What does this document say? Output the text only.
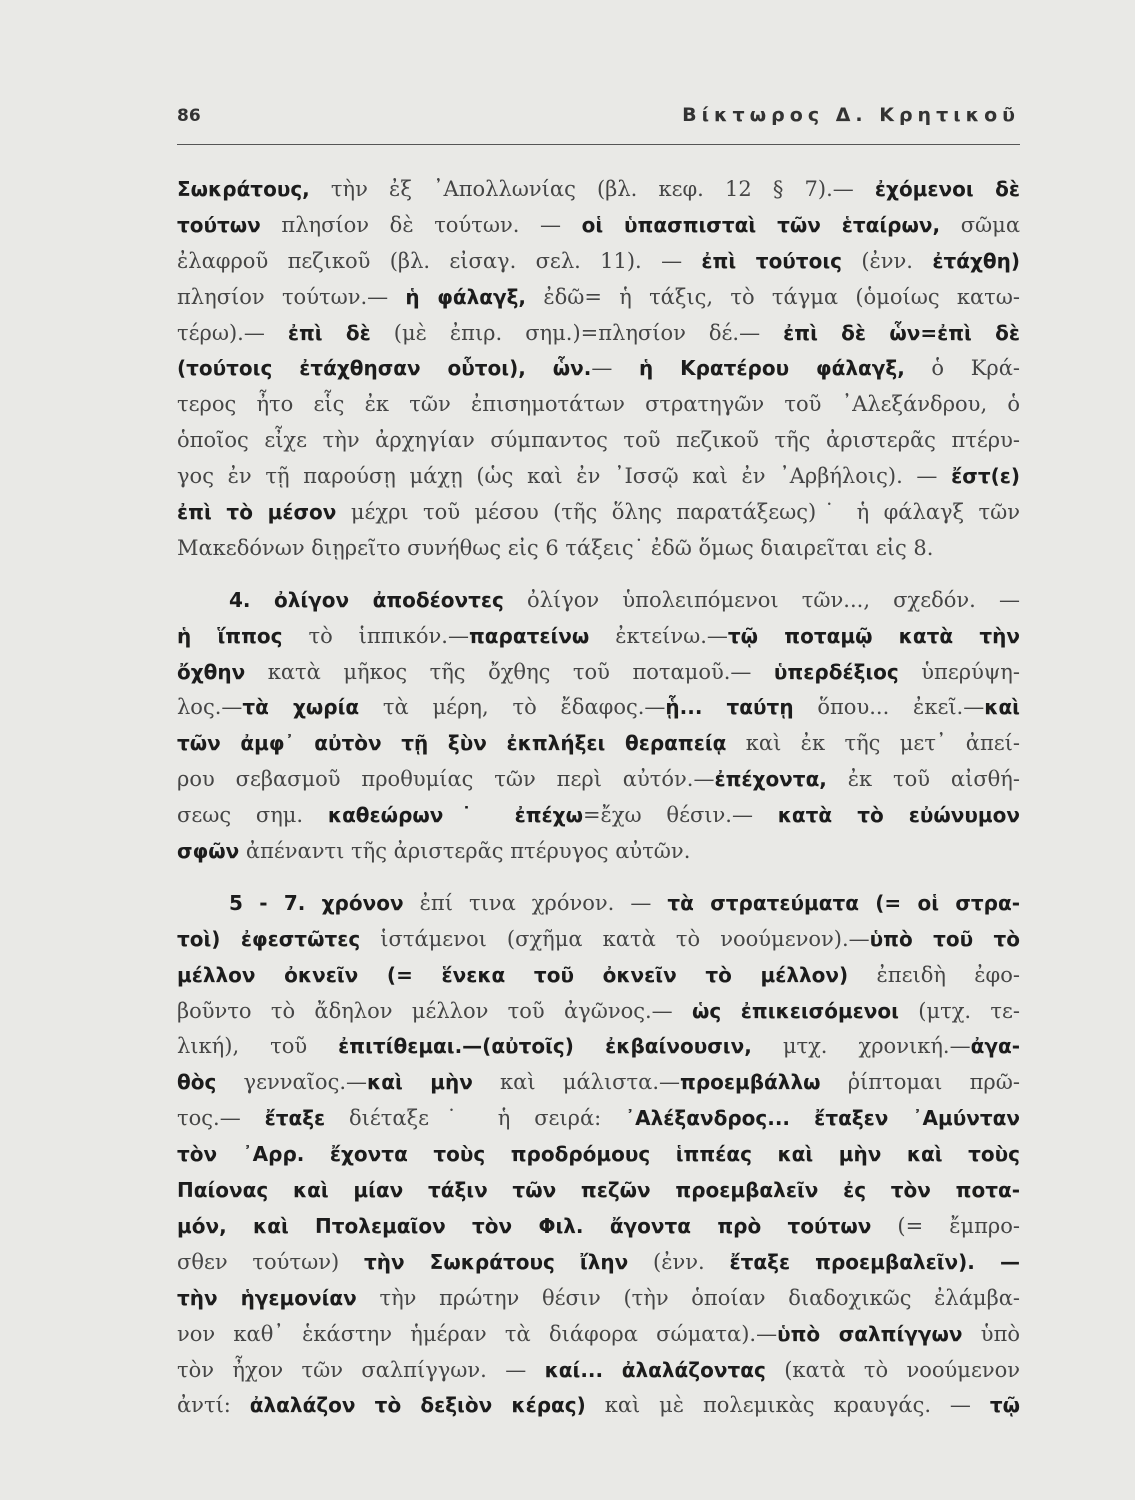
86	Βίκτωρος Δ. Κρητικοῦ
Σωκράτους, τὴν ἐξ ᾿Απολλωνίας (βλ. κεφ. 12 § 7).— ἐχόμενοι δὲ
τούτων πλησίον δὲ τούτων. — οἱ ὑπασπισταὶ τῶν ἑταίρων, σῶμα
ἐλαφροῦ πεζικοῦ (βλ. εἰσαγ. σελ. 11). — ἐπὶ τούτοις (ἐνν. ἐτάχθη)
πλησίον τούτων.— ἡ φάλαγξ, ἐδῶ= ἡ τάξις, τὸ τάγμα (ὁμοίως κατω-
τέρω).— ἐπὶ δὲ (μὲ ἐπιρ. σημ.)=πλησίον δέ.— ἐπὶ δὲ ὧν=ἐπὶ δὲ
(τούτοις ἐτάχθησαν οὗτοι), ὧν.— ἡ Κρατέρου φάλαγξ, ὁ Κρά-
τερος ἦτο εἷς ἐκ τῶν ἐπισημοτάτων στρατηγῶν τοῦ ᾿Αλεξάνδρου, ὁ
ὁποῖος εἶχε τὴν ἀρχηγίαν σύμπαντος τοῦ πεζικοῦ τῆς ἀριστερᾶς πτέρυ-
γος ἐν τῇ παρούσῃ μάχῃ (ὡς καὶ ἐν ᾿Ισσῷ καὶ ἐν ᾿Αρβήλοις). — ἔστ(ε)
ἐπὶ τὸ μέσον μέχρι τοῦ μέσου (τῆς ὅλης παρατάξεως)˙ ἡ φάλαγξ τῶν
Μακεδόνων διῃρεῖτο συνήθως εἰς 6 τάξεις˙ ἐδῶ ὅμως διαιρεῖται εἰς 8.
4. ὀλίγον ἀποδέοντες ὀλίγον ὑπολειπόμενοι τῶν..., σχεδόν. —
ἡ ἵππος τὸ ἱππικόν.—παρατείνω ἐκτείνω.—τῷ ποταμῷ κατὰ τὴν
ὄχθην κατὰ μῆκος τῆς ὄχθης τοῦ ποταμοῦ.— ὑπερδέξιος ὑπερύψη-
λος.—τὰ χωρία τὰ μέρη, τὸ ἔδαφος.—ᾗ... ταύτῃ ὅπου... ἐκεῖ.—καὶ
τῶν ἀμφ᾿ αὐτὸν τῇ ξὺν ἐκπλήξει θεραπείᾳ καὶ ἐκ τῆς μετ᾿ ἀπεί-
ρου σεβασμοῦ προθυμίας τῶν περὶ αὐτόν.—ἐπέχοντα, ἐκ τοῦ αἰσθή-
σεως σημ. καθεώρων˙ ἐπέχω=ἔχω θέσιν.— κατὰ τὸ εὐώνυμον
σφῶν ἀπέναντι τῆς ἀριστερᾶς πτέρυγος αὐτῶν.
5 - 7. χρόνον ἐπί τινα χρόνον. — τὰ στρατεύματα (= οἱ στρα-
τοὶ) ἐφεστῶτες ἱστάμενοι (σχῆμα κατὰ τὸ νοούμενον).—ὑπὸ τοῦ τὸ
μέλλον ὀκνεῖν (= ἕνεκα τοῦ ὀκνεῖν τὸ μέλλον) ἐπειδὴ ἐφο-
βοῦντο τὸ ἄδηλον μέλλον τοῦ ἀγῶνος.— ὡς ἐπικεισόμενοι (μτχ. τε-
λική), τοῦ ἐπιτίθεμαι.—(αὐτοῖς) ἐκβαίνουσιν, μτχ. χρονική.—ἀγα-
θὸς γενναῖος.—καὶ μὴν καὶ μάλιστα.—προεμβάλλω ῥίπτομαι πρῶ-
τος.— ἔταξε διέταξε˙ ἡ σειρά: ᾿Αλέξανδρος... ἔταξεν ᾿Αμύνταν
τὸν ᾿Αρρ. ἔχοντα τοὺς προδρόμους ἱππέας καὶ μὴν καὶ τοὺς
Παίονας καὶ μίαν τάξιν τῶν πεζῶν προεμβαλεῖν ἐς τὸν ποτα-
μόν, καὶ Πτολεμαῖον τὸν Φιλ. ἄγοντα πρὸ τούτων (= ἔμπρο-
σθεν τούτων) τὴν Σωκράτους ἴλην (ἐνν. ἔταξε προεμβαλεῖν). —
τὴν ἡγεμονίαν τὴν πρώτην θέσιν (τὴν ὁποίαν διαδοχικῶς ἐλάμβα-
νον καθ᾿ ἑκάστην ἡμέραν τὰ διάφορα σώματα).—ὑπὸ σαλπίγγων ὑπὸ
τὸν ἦχον τῶν σαλπίγγων. — καί... ἀλαλάζοντας (κατὰ τὸ νοούμενον
ἀντί: ἀλαλάζον τὸ δεξιὸν κέρας) καὶ μὲ πολεμικὰς κραυγάς. — τῷ
